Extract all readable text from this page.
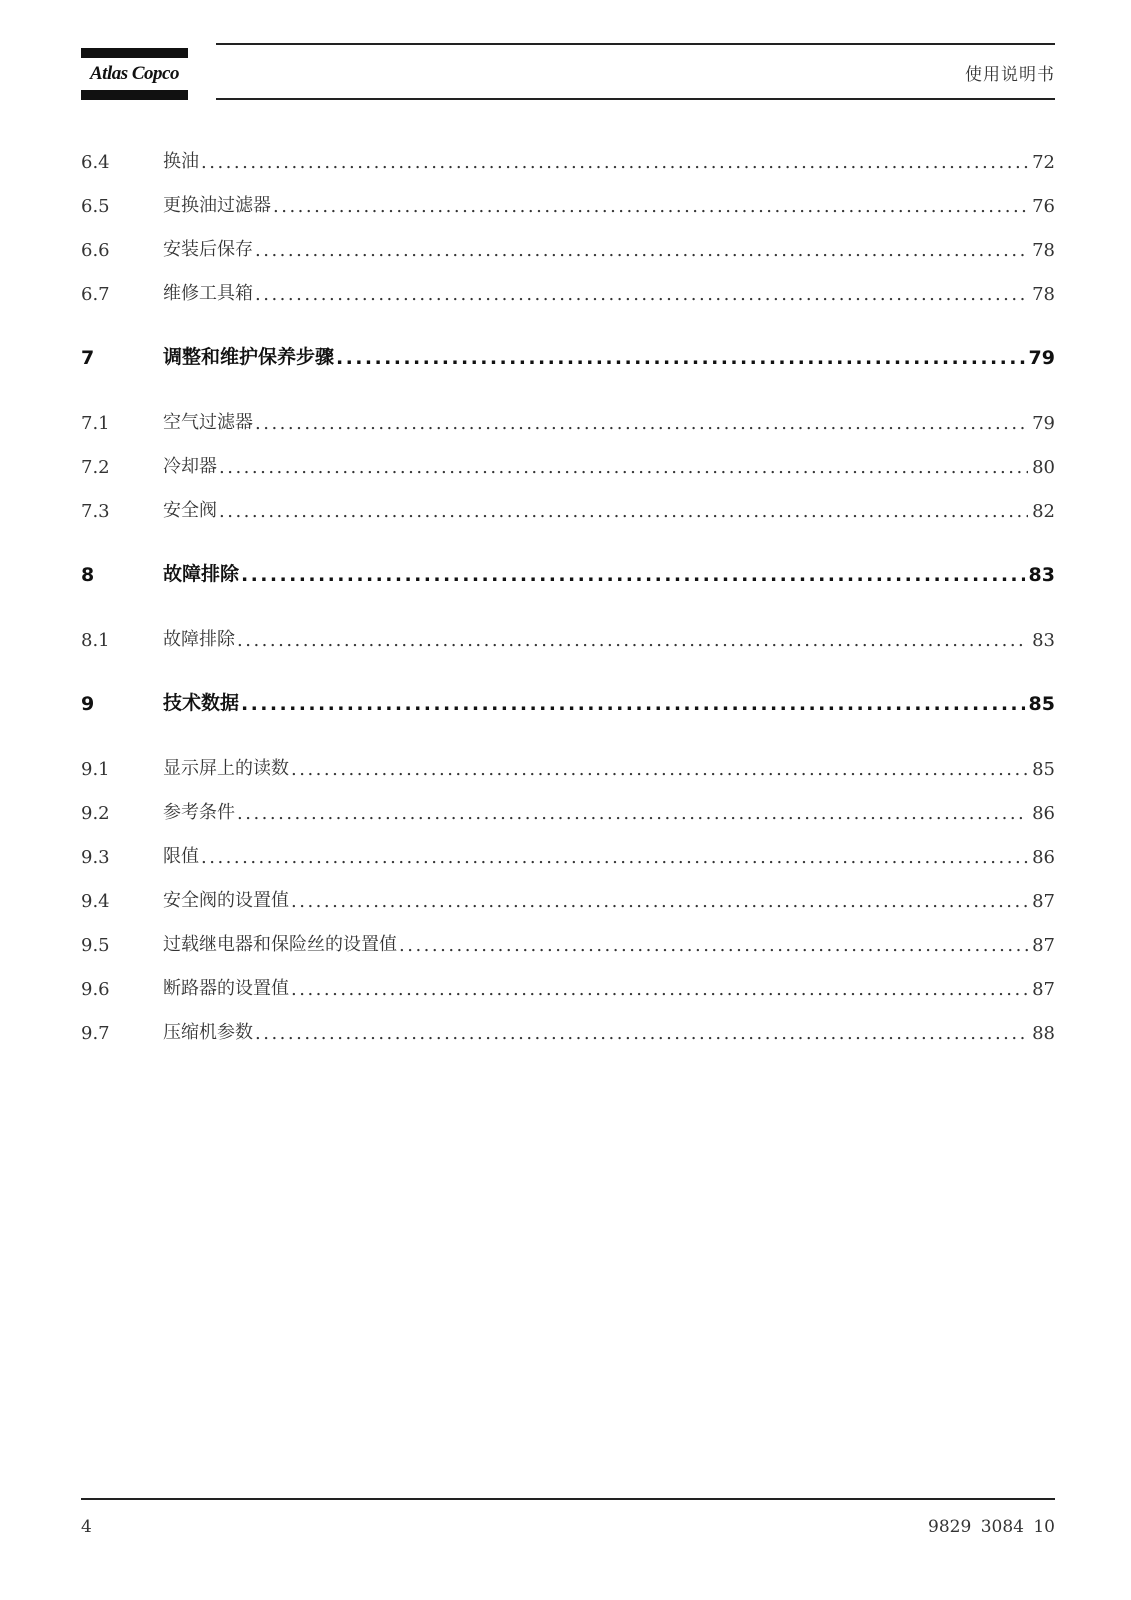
Atlas Copco	使用说明书
6.4	换油 .....	72
6.5	更换油过滤器 .....	76
6.6	安装后保存 .....	78
6.7	维修工具箱 .....	78
7	调整和维护保养步骤 .....	79
7.1	空气过滤器 .....	79
7.2	冷却器 .....	80
7.3	安全阀 .....	82
8	故障排除 .....	83
8.1	故障排除 .....	83
9	技术数据 .....	85
9.1	显示屏上的读数 .....	85
9.2	参考条件 .....	86
9.3	限值 .....	86
9.4	安全阀的设置值 .....	87
9.5	过载继电器和保险丝的设置值 .....	87
9.6	断路器的设置值 .....	87
9.7	压缩机参数 .....	88
4	9829 3084 10
